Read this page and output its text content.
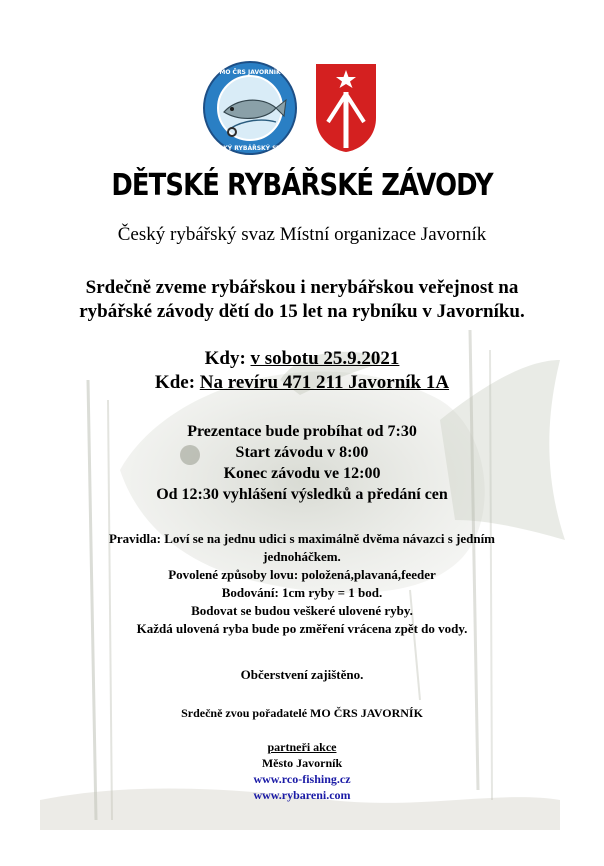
MO ČRS JAVORNÍK
ČESKÝ RYBÁŘSKÝ SVAZ
DĚTSKÉ RYBÁŘSKÉ ZÁVODY
Český rybářský svaz Místní organizace Javorník
Srdečně zveme rybářskou i nerybářskou veřejnost na
rybářské závody dětí do 15 let na rybníku v Javorníku.
Kdy: v sobotu 25.9.2021
Kde: Na revíru 471 211 Javorník 1A
Prezentace bude probíhat od 7:30
Start závodu v 8:00
Konec závodu ve 12:00
Od 12:30 vyhlášení výsledků a předání cen
Pravidla: Loví se na jednu udici s maximálně dvěma návazci s jedním
jednoháčkem.
Povolené způsoby lovu: položená,plavaná,feeder
Bodování: 1cm ryby = 1 bod.
Bodovat se budou veškeré ulovené ryby.
Každá ulovená ryba bude po změření vrácena zpět do vody.
Občerstvení zajištěno.
Srdečně zvou pořadatelé MO ČRS JAVORNÍK
partneři akce
Město Javorník
www.rco-fishing.cz
www.rybareni.com
